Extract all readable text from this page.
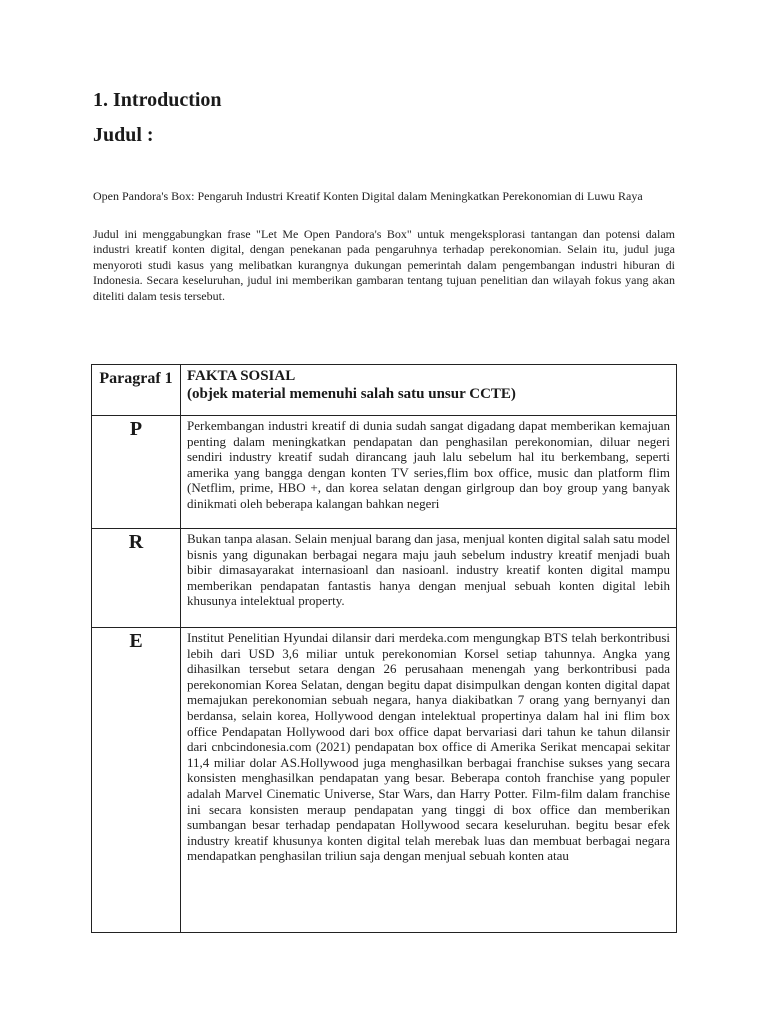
1. Introduction
Judul :

Open Pandora's Box: Pengaruh Industri Kreatif Konten Digital dalam Meningkatkan Perekonomian di Luwu Raya

Judul ini menggabungkan frase "Let Me Open Pandora's Box" untuk mengeksplorasi tantangan dan potensi dalam industri kreatif konten digital, dengan penekanan pada pengaruhnya terhadap perekonomian. Selain itu, judul juga menyoroti studi kasus yang melibatkan kurangnya dukungan pemerintah dalam pengembangan industri hiburan di Indonesia. Secara keseluruhan, judul ini memberikan gambaran tentang tujuan penelitian dan wilayah fokus yang akan diteliti dalam tesis tersebut.

Paragraf 1	FAKTA SOSIAL
(objek material memenuhi salah satu unsur CCTE)

P	Perkembangan industri kreatif di dunia sudah sangat digadang dapat memberikan kemajuan penting dalam meningkatkan pendapatan dan penghasilan perekonomian, diluar negeri sendiri industry kreatif sudah dirancang jauh lalu sebelum hal itu berkembang, seperti amerika yang bangga dengan konten TV series,flim box office, music dan platform flim (Netflim, prime, HBO +, dan korea selatan dengan girlgroup dan boy group yang banyak dinikmati oleh beberapa kalangan bahkan negeri
R	Bukan tanpa alasan. Selain menjual barang dan jasa, menjual konten digital salah satu model bisnis yang digunakan berbagai negara maju jauh sebelum industry kreatif menjadi buah bibir dimasayarakat internasioanl dan nasioanl. industry kreatif konten digital mampu memberikan pendapatan fantastis hanya dengan menjual sebuah konten digital lebih khusunya intelektual property.
E	Institut Penelitian Hyundai dilansir dari merdeka.com mengungkap BTS telah berkontribusi lebih dari USD 3,6 miliar untuk perekonomian Korsel setiap tahunnya. Angka yang dihasilkan tersebut setara dengan 26 perusahaan menengah yang berkontribusi pada perekonomian Korea Selatan, dengan begitu dapat disimpulkan dengan konten digital dapat memajukan perekonomian sebuah negara, hanya diakibatkan 7 orang yang bernyanyi dan berdansa, selain korea, Hollywood dengan intelektual propertinya dalam hal ini flim box office Pendapatan Hollywood dari box office dapat bervariasi dari tahun ke tahun dilansir dari cnbcindonesia.com (2021) pendapatan box office di Amerika Serikat mencapai sekitar 11,4 miliar dolar AS.Hollywood juga menghasilkan berbagai franchise sukses yang secara konsisten menghasilkan pendapatan yang besar. Beberapa contoh franchise yang populer adalah Marvel Cinematic Universe, Star Wars, dan Harry Potter. Film-film dalam franchise ini secara konsisten meraup pendapatan yang tinggi di box office dan memberikan sumbangan besar terhadap pendapatan Hollywood secara keseluruhan. begitu besar efek industry kreatif khusunya konten digital telah merebak luas dan membuat berbagai negara mendapatkan penghasilan triliun saja dengan menjual sebuah konten atau
